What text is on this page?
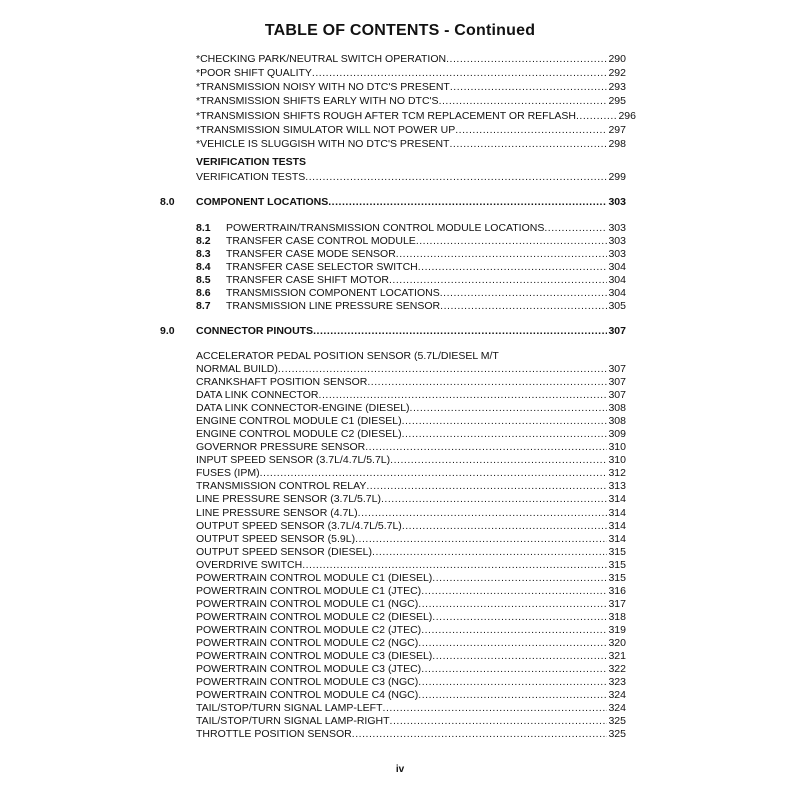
TABLE OF CONTENTS - Continued
*CHECKING PARK/NEUTRAL SWITCH OPERATION . . .	290
*POOR SHIFT QUALITY . . .	292
*TRANSMISSION NOISY WITH NO DTC'S PRESENT . . .	293
*TRANSMISSION SHIFTS EARLY WITH NO DTC'S . . .	295
*TRANSMISSION SHIFTS ROUGH AFTER TCM REPLACEMENT OR REFLASH . . .	296
*TRANSMISSION SIMULATOR WILL NOT POWER UP . . .	297
*VEHICLE IS SLUGGISH WITH NO DTC'S PRESENT . . .	298
VERIFICATION TESTS
VERIFICATION TESTS . . .	299
8.0 COMPONENT LOCATIONS . . .	303
8.1 POWERTRAIN/TRANSMISSION CONTROL MODULE LOCATIONS . . .	303
8.2 TRANSFER CASE CONTROL MODULE . . .	303
8.3 TRANSFER CASE MODE SENSOR . . .	303
8.4 TRANSFER CASE SELECTOR SWITCH . . .	304
8.5 TRANSFER CASE SHIFT MOTOR . . .	304
8.6 TRANSMISSION COMPONENT LOCATIONS . . .	304
8.7 TRANSMISSION LINE PRESSURE SENSOR . . .	305
9.0 CONNECTOR PINOUTS . . .	307
ACCELERATOR PEDAL POSITION SENSOR (5.7L/DIESEL M/T
NORMAL BUILD) . . .	307
CRANKSHAFT POSITION SENSOR . . .	307
DATA LINK CONNECTOR . . .	307
DATA LINK CONNECTOR-ENGINE (DIESEL) . . .	308
ENGINE CONTROL MODULE C1 (DIESEL) . . .	308
ENGINE CONTROL MODULE C2 (DIESEL) . . .	309
GOVERNOR PRESSURE SENSOR . . .	310
INPUT SPEED SENSOR (3.7L/4.7L/5.7L) . . .	310
FUSES (IPM) . . .	312
TRANSMISSION CONTROL RELAY . . .	313
LINE PRESSURE SENSOR (3.7L/5.7L) . . .	314
LINE PRESSURE SENSOR (4.7L) . . .	314
OUTPUT SPEED SENSOR (3.7L/4.7L/5.7L) . . .	314
OUTPUT SPEED SENSOR (5.9L) . . .	314
OUTPUT SPEED SENSOR (DIESEL) . . .	315
OVERDRIVE SWITCH . . .	315
POWERTRAIN CONTROL MODULE C1 (DIESEL) . . .	315
POWERTRAIN CONTROL MODULE C1 (JTEC) . . .	316
POWERTRAIN CONTROL MODULE C1 (NGC) . . .	317
POWERTRAIN CONTROL MODULE C2 (DIESEL) . . .	318
POWERTRAIN CONTROL MODULE C2 (JTEC) . . .	319
POWERTRAIN CONTROL MODULE C2 (NGC) . . .	320
POWERTRAIN CONTROL MODULE C3 (DIESEL) . . .	321
POWERTRAIN CONTROL MODULE C3 (JTEC) . . .	322
POWERTRAIN CONTROL MODULE C3 (NGC) . . .	323
POWERTRAIN CONTROL MODULE C4 (NGC) . . .	324
TAIL/STOP/TURN SIGNAL LAMP-LEFT . . .	324
TAIL/STOP/TURN SIGNAL LAMP-RIGHT . . .	325
THROTTLE POSITION SENSOR . . .	325
iv
